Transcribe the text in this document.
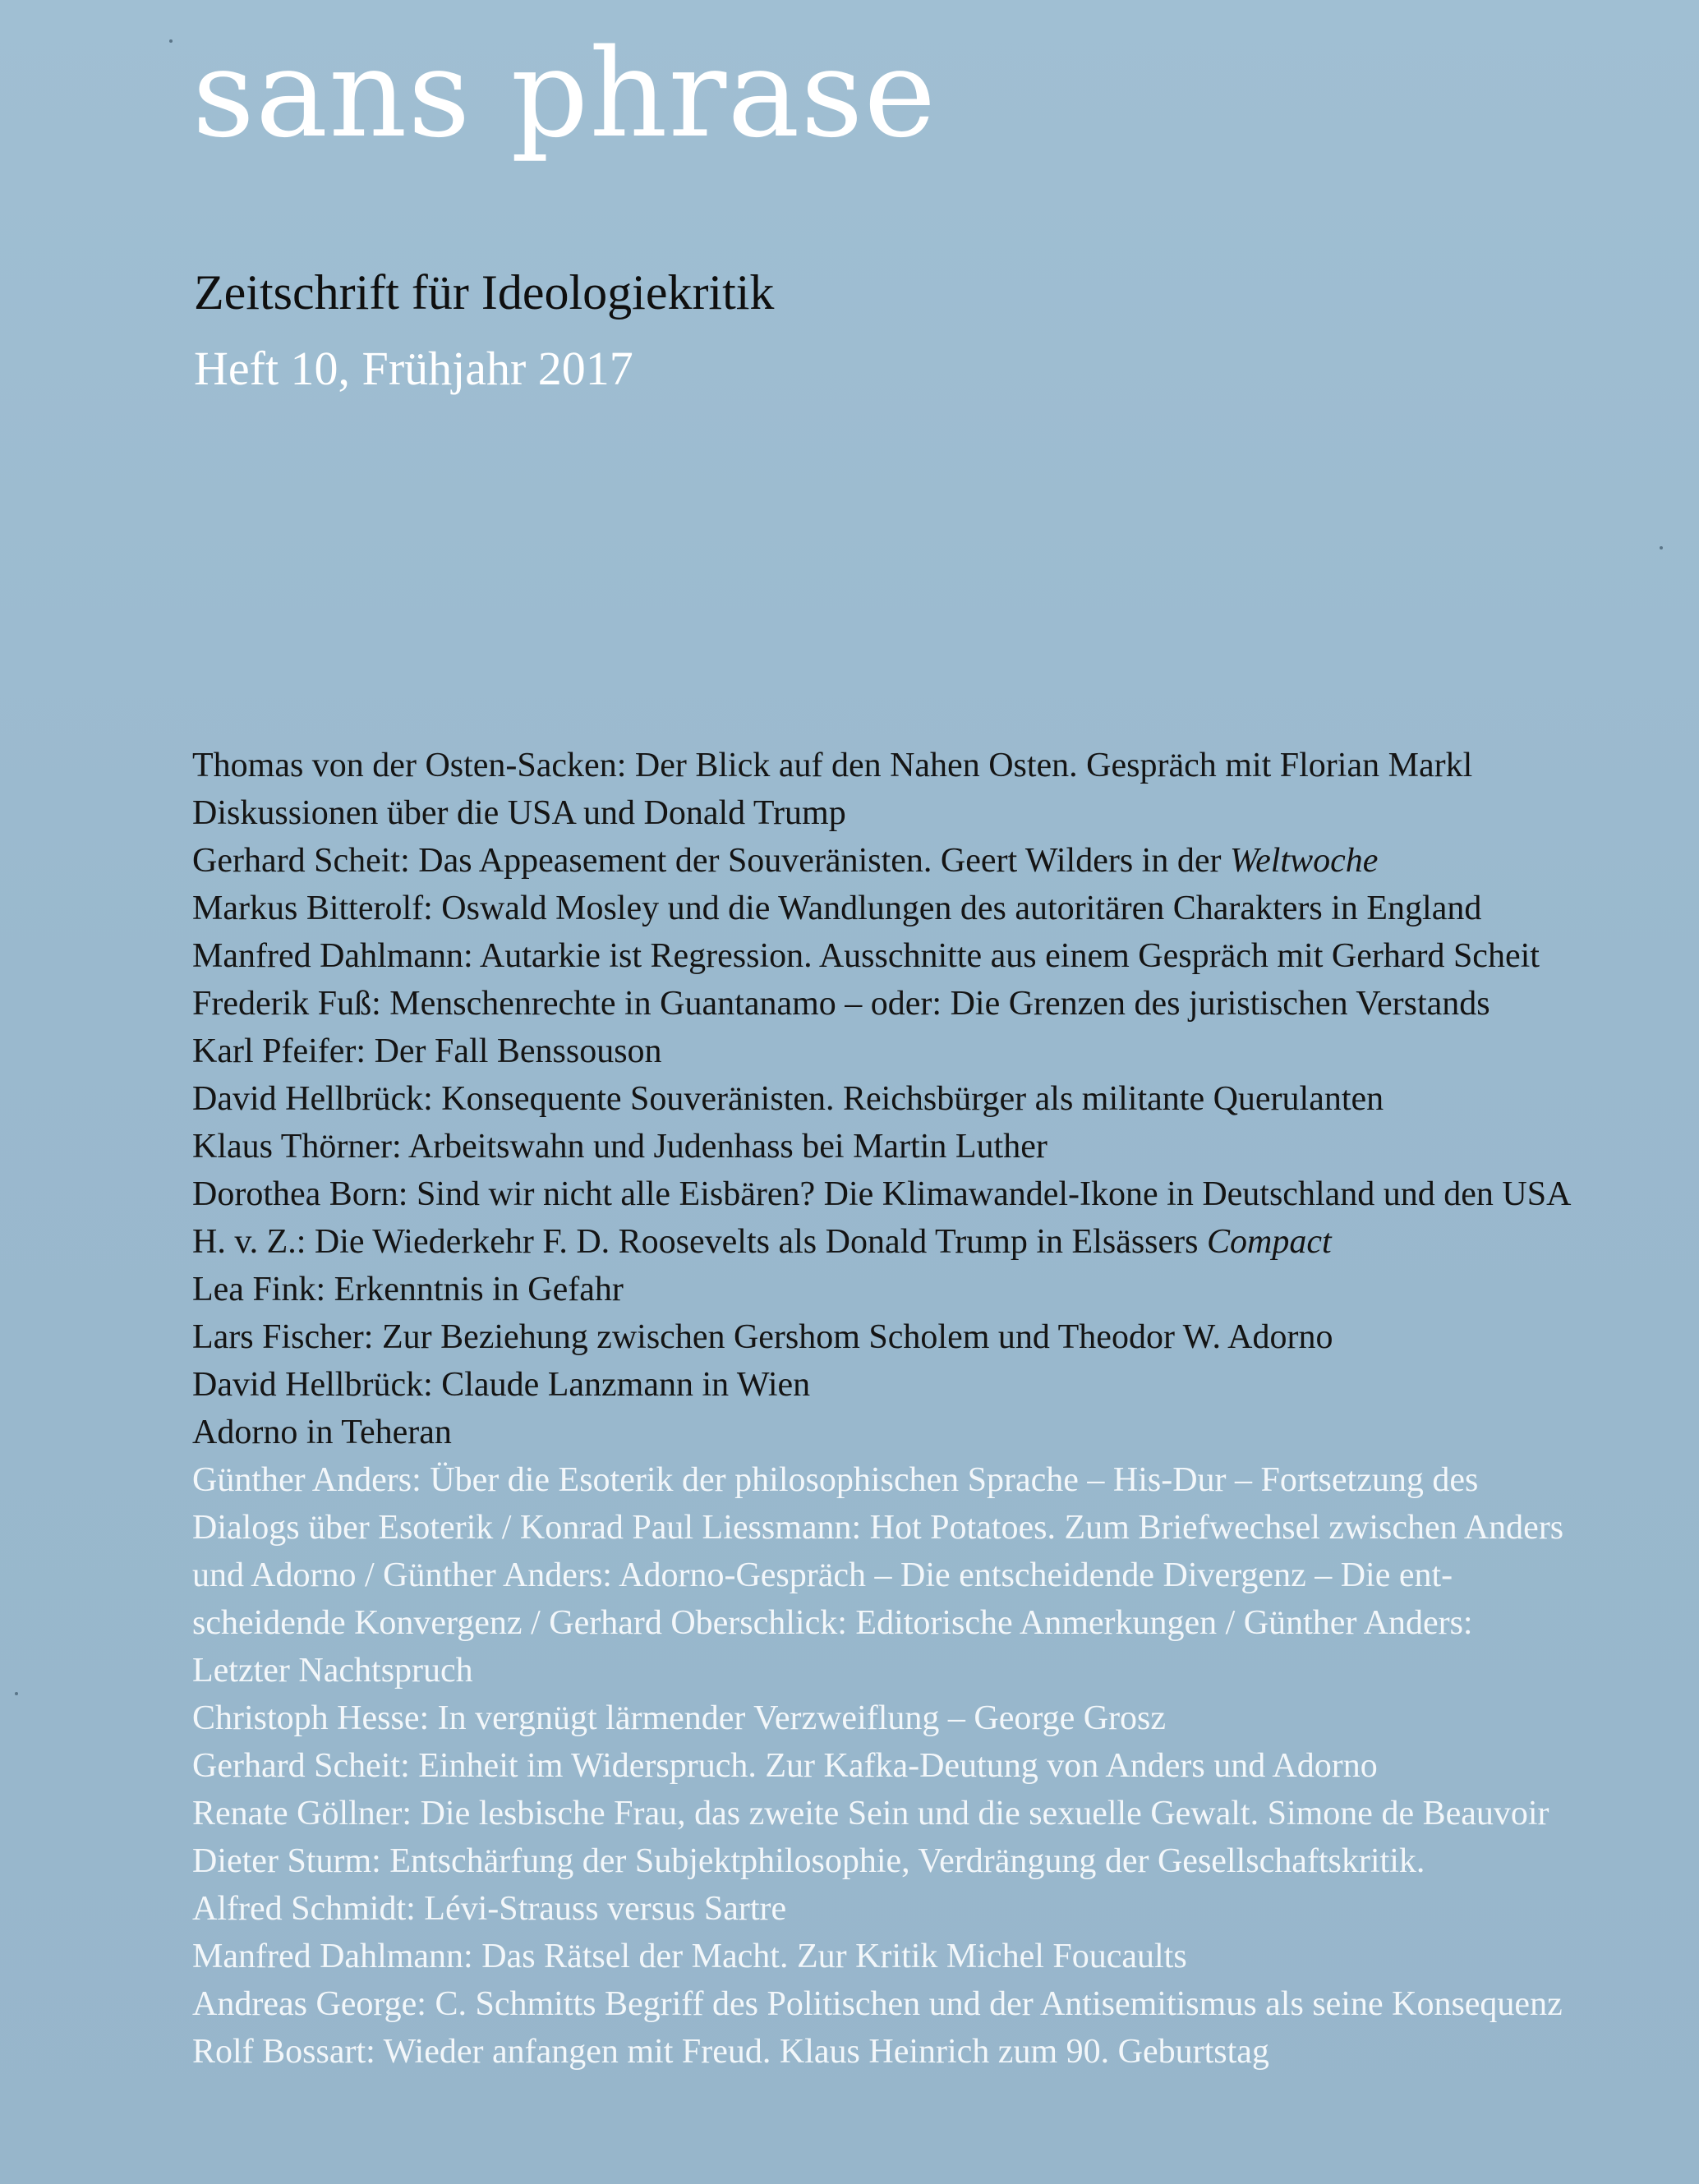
sans phrase
Zeitschrift für Ideologiekritik
Heft 10, Frühjahr 2017
Thomas von der Osten-Sacken: Der Blick auf den Nahen Osten. Gespräch mit Florian Markl
Diskussionen über die USA und Donald Trump
Gerhard Scheit: Das Appeasement der Souveränisten. Geert Wilders in der Weltwoche
Markus Bitterolf: Oswald Mosley und die Wandlungen des autoritären Charakters in England
Manfred Dahlmann: Autarkie ist Regression. Ausschnitte aus einem Gespräch mit Gerhard Scheit
Frederik Fuß: Menschenrechte in Guantanamo – oder: Die Grenzen des juristischen Verstands
Karl Pfeifer: Der Fall Benssouson
David Hellbrück: Konsequente Souveränisten. Reichsbürger als militante Querulanten
Klaus Thörner: Arbeitswahn und Judenhass bei Martin Luther
Dorothea Born: Sind wir nicht alle Eisbären? Die Klimawandel-Ikone in Deutschland und den USA
H. v. Z.: Die Wiederkehr F. D. Roosevelts als Donald Trump in Elsässers Compact
Lea Fink: Erkenntnis in Gefahr
Lars Fischer: Zur Beziehung zwischen Gershom Scholem und Theodor W. Adorno
David Hellbrück: Claude Lanzmann in Wien
Adorno in Teheran
Günther Anders: Über die Esoterik der philosophischen Sprache – His-Dur – Fortsetzung des
Dialogs über Esoterik / Konrad Paul Liessmann: Hot Potatoes. Zum Briefwechsel zwischen Anders
und Adorno / Günther Anders: Adorno-Gespräch – Die entscheidende Divergenz – Die ent-
scheidende Konvergenz / Gerhard Oberschlick: Editorische Anmerkungen / Günther Anders:
Letzter Nachtspruch
Christoph Hesse: In vergnügt lärmender Verzweiflung – George Grosz
Gerhard Scheit: Einheit im Widerspruch. Zur Kafka-Deutung von Anders und Adorno
Renate Göllner: Die lesbische Frau, das zweite Sein und die sexuelle Gewalt. Simone de Beauvoir
Dieter Sturm: Entschärfung der Subjektphilosophie, Verdrängung der Gesellschaftskritik.
Alfred Schmidt: Lévi-Strauss versus Sartre
Manfred Dahlmann: Das Rätsel der Macht. Zur Kritik Michel Foucaults
Andreas George: C. Schmitts Begriff des Politischen und der Antisemitismus als seine Konsequenz
Rolf Bossart: Wieder anfangen mit Freud. Klaus Heinrich zum 90. Geburtstag
